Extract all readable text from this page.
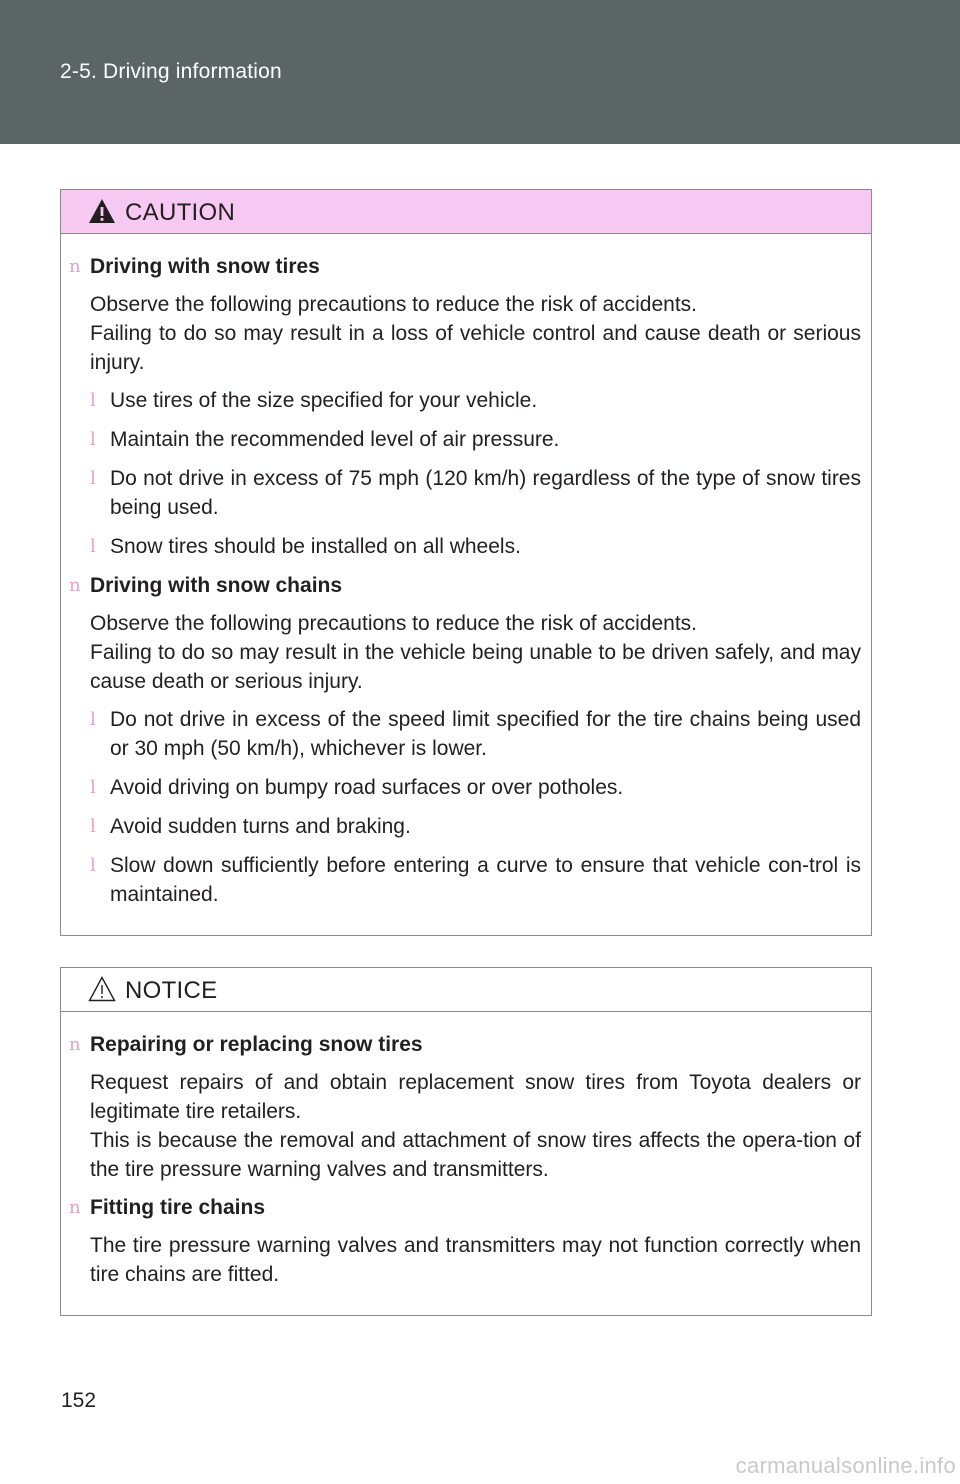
2-5. Driving information
CAUTION
n Driving with snow tires

Observe the following precautions to reduce the risk of accidents.

Failing to do so may result in a loss of vehicle control and cause death or serious injury.

l Use tires of the size specified for your vehicle.
l Maintain the recommended level of air pressure.
l Do not drive in excess of 75 mph (120 km/h) regardless of the type of snow tires being used.
l Snow tires should be installed on all wheels.
n Driving with snow chains

Observe the following precautions to reduce the risk of accidents.

Failing to do so may result in the vehicle being unable to be driven safely, and may cause death or serious injury.

l Do not drive in excess of the speed limit specified for the tire chains being used or 30 mph (50 km/h), whichever is lower.
l Avoid driving on bumpy road surfaces or over potholes.
l Avoid sudden turns and braking.
l Slow down sufficiently before entering a curve to ensure that vehicle con-trol is maintained.
NOTICE
n Repairing or replacing snow tires

Request repairs of and obtain replacement snow tires from Toyota dealers or legitimate tire retailers.

This is because the removal and attachment of snow tires affects the opera-tion of the tire pressure warning valves and transmitters.

n Fitting tire chains

The tire pressure warning valves and transmitters may not function correctly when tire chains are fitted.

152
carmanualsonline.info
